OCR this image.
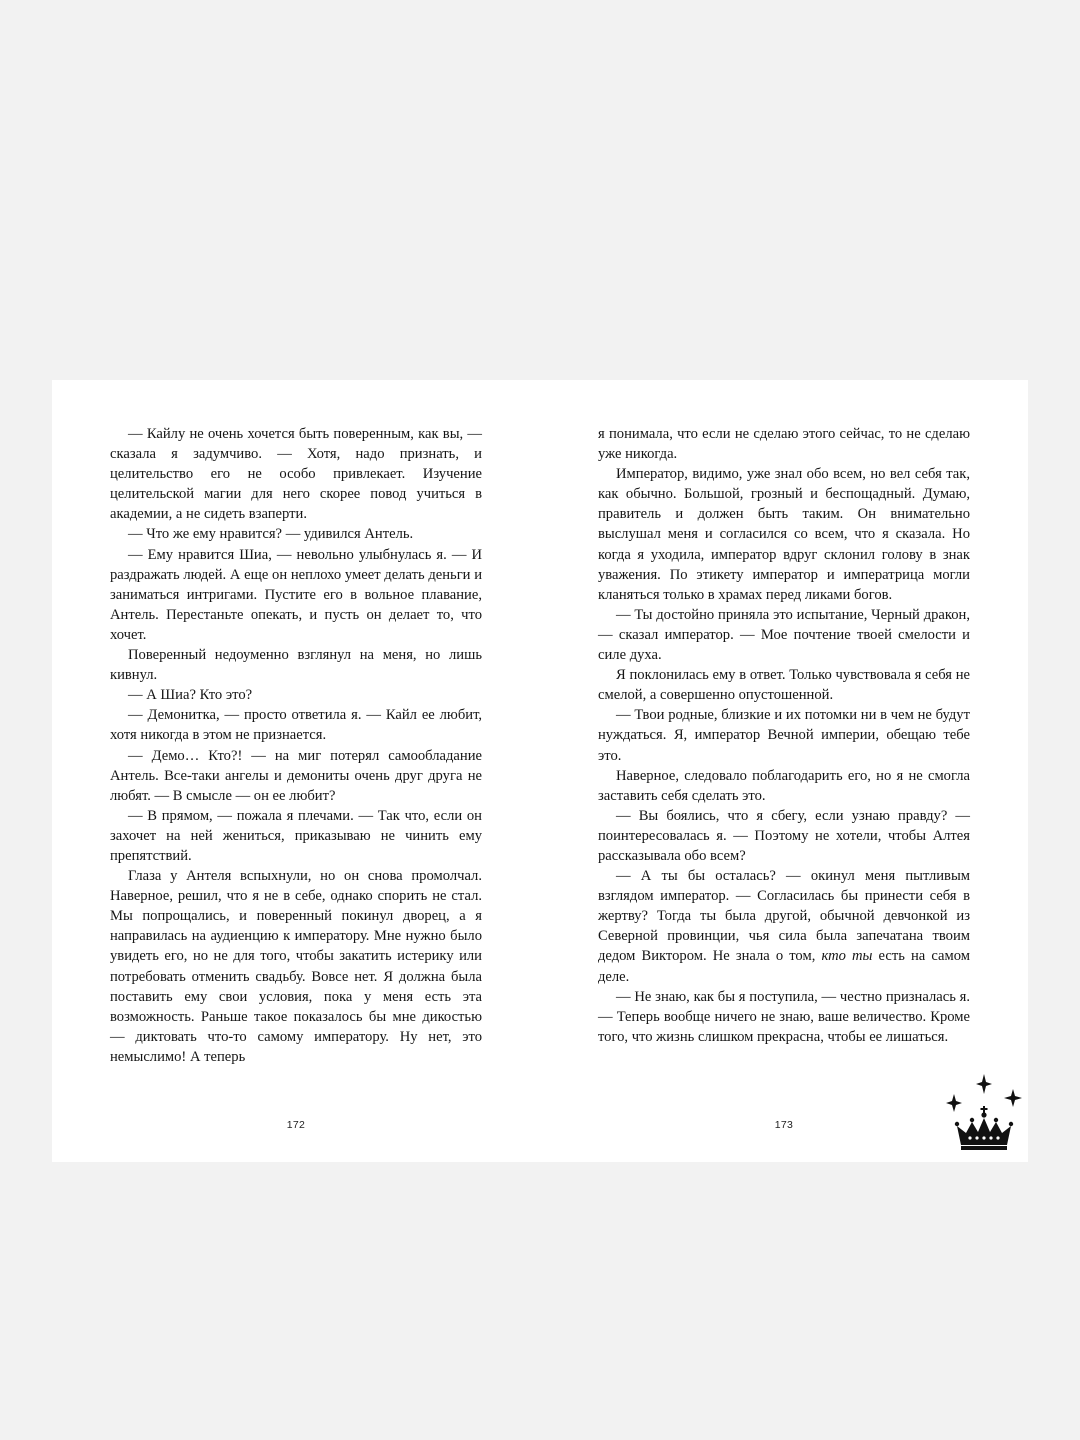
— Кайлу не очень хочется быть поверенным, как вы, — сказала я задумчиво. — Хотя, надо признать, и целительство его не особо привлекает. Изучение целительской магии для него скорее повод учиться в академии, а не сидеть взаперти.

— Что же ему нравится? — удивился Антель.

— Ему нравится Шиа, — невольно улыбнулась я. — И раздражать людей. А еще он неплохо умеет делать деньги и заниматься интригами. Пустите его в вольное плавание, Антель. Перестаньте опекать, и пусть он делает то, что хочет.

Поверенный недоуменно взглянул на меня, но лишь кивнул.

— А Шиа? Кто это?

— Демонитка, — просто ответила я. — Кайл ее любит, хотя никогда в этом не признается.

— Демо… Кто?! — на миг потерял самообладание Антель. Все-таки ангелы и демониты очень друг друга не любят. — В смысле — он ее любит?

— В прямом, — пожала я плечами. — Так что, если он захочет на ней жениться, приказываю не чинить ему препятствий.

Глаза у Антеля вспыхнули, но он снова промолчал. Наверное, решил, что я не в себе, однако спорить не стал. Мы попрощались, и поверенный покинул дворец, а я направилась на аудиенцию к императору. Мне нужно было увидеть его, но не для того, чтобы закатить истерику или потребовать отменить свадьбу. Вовсе нет. Я должна была поставить ему свои условия, пока у меня есть эта возможность. Раньше такое показалось бы мне дикостью — диктовать что-то самому императору. Ну нет, это немыслимо! А теперь

я понимала, что если не сделаю этого сейчас, то не сделаю уже никогда.

Император, видимо, уже знал обо всем, но вел себя так, как обычно. Большой, грозный и беспощадный. Думаю, правитель и должен быть таким. Он внимательно выслушал меня и согласился со всем, что я сказала. Но когда я уходила, император вдруг склонил голову в знак уважения. По этикету император и императрица могли кланяться только в храмах перед ликами богов.

— Ты достойно приняла это испытание, Черный дракон, — сказал император. — Мое почтение твоей смелости и силе духа.

Я поклонилась ему в ответ. Только чувствовала я себя не смелой, а совершенно опустошенной.

— Твои родные, близкие и их потомки ни в чем не будут нуждаться. Я, император Вечной империи, обещаю тебе это.

Наверное, следовало поблагодарить его, но я не смогла заставить себя сделать это.

— Вы боялись, что я сбегу, если узнаю правду? — поинтересовалась я. — Поэтому не хотели, чтобы Алтея рассказывала обо всем?

— А ты бы осталась? — окинул меня пытливым взглядом император. — Согласилась бы принести себя в жертву? Тогда ты была другой, обычной девчонкой из Северной провинции, чья сила была запечатана твоим дедом Виктором. Не знала о том, кто ты есть на самом деле.

— Не знаю, как бы я поступила, — честно призналась я. — Теперь вообще ничего не знаю, ваше величество. Кроме того, что жизнь слишком прекрасна, чтобы ее лишаться.

172	173
